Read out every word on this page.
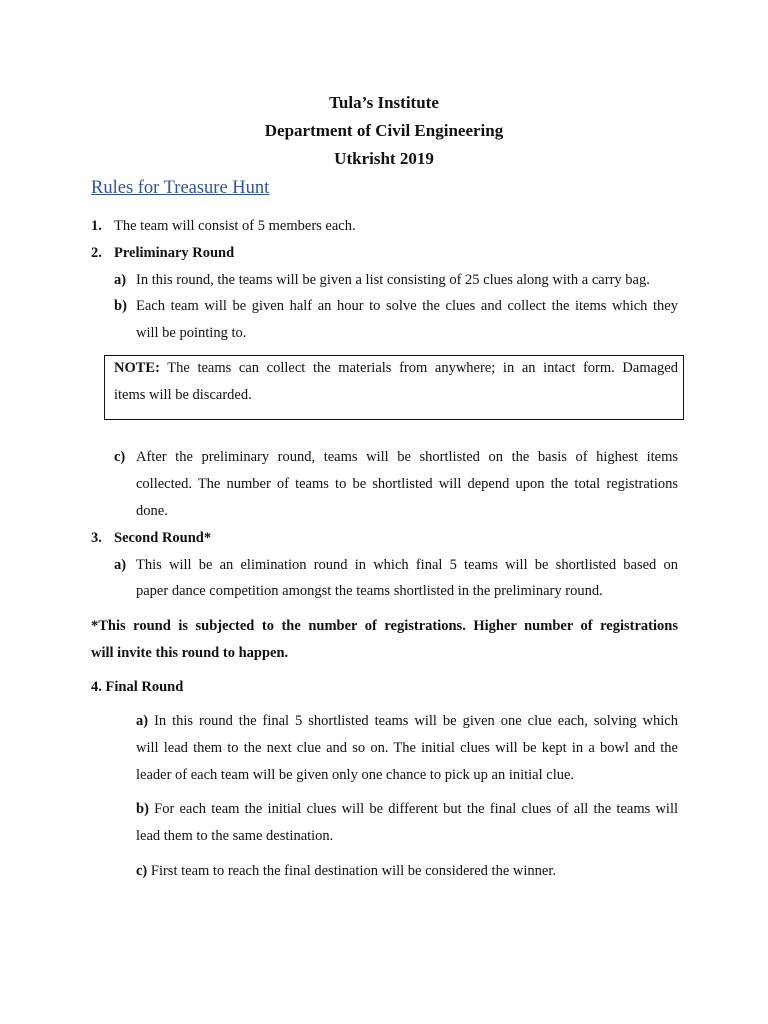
Tula’s Institute
Department of Civil Engineering
Utkrisht 2019
Rules for Treasure Hunt
1. The team will consist of 5 members each.
2. Preliminary Round
a) In this round, the teams will be given a list consisting of 25 clues along with a carry bag.
b) Each team will be given half an hour to solve the clues and collect the items which they
will be pointing to.
NOTE: The teams can collect the materials from anywhere; in an intact form. Damaged
items will be discarded.
c) After the preliminary round, teams will be shortlisted on the basis of highest items
collected. The number of teams to be shortlisted will depend upon the total registrations
done.
3. Second Round*
a) This will be an elimination round in which final 5 teams will be shortlisted based on
paper dance competition amongst the teams shortlisted in the preliminary round.
*This round is subjected to the number of registrations. Higher number of registrations
will invite this round to happen.
4. Final Round
a) In this round the final 5 shortlisted teams will be given one clue each, solving which
will lead them to the next clue and so on. The initial clues will be kept in a bowl and the
leader of each team will be given only one chance to pick up an initial clue.
b) For each team the initial clues will be different but the final clues of all the teams will
lead them to the same destination.
c) First team to reach the final destination will be considered the winner.
